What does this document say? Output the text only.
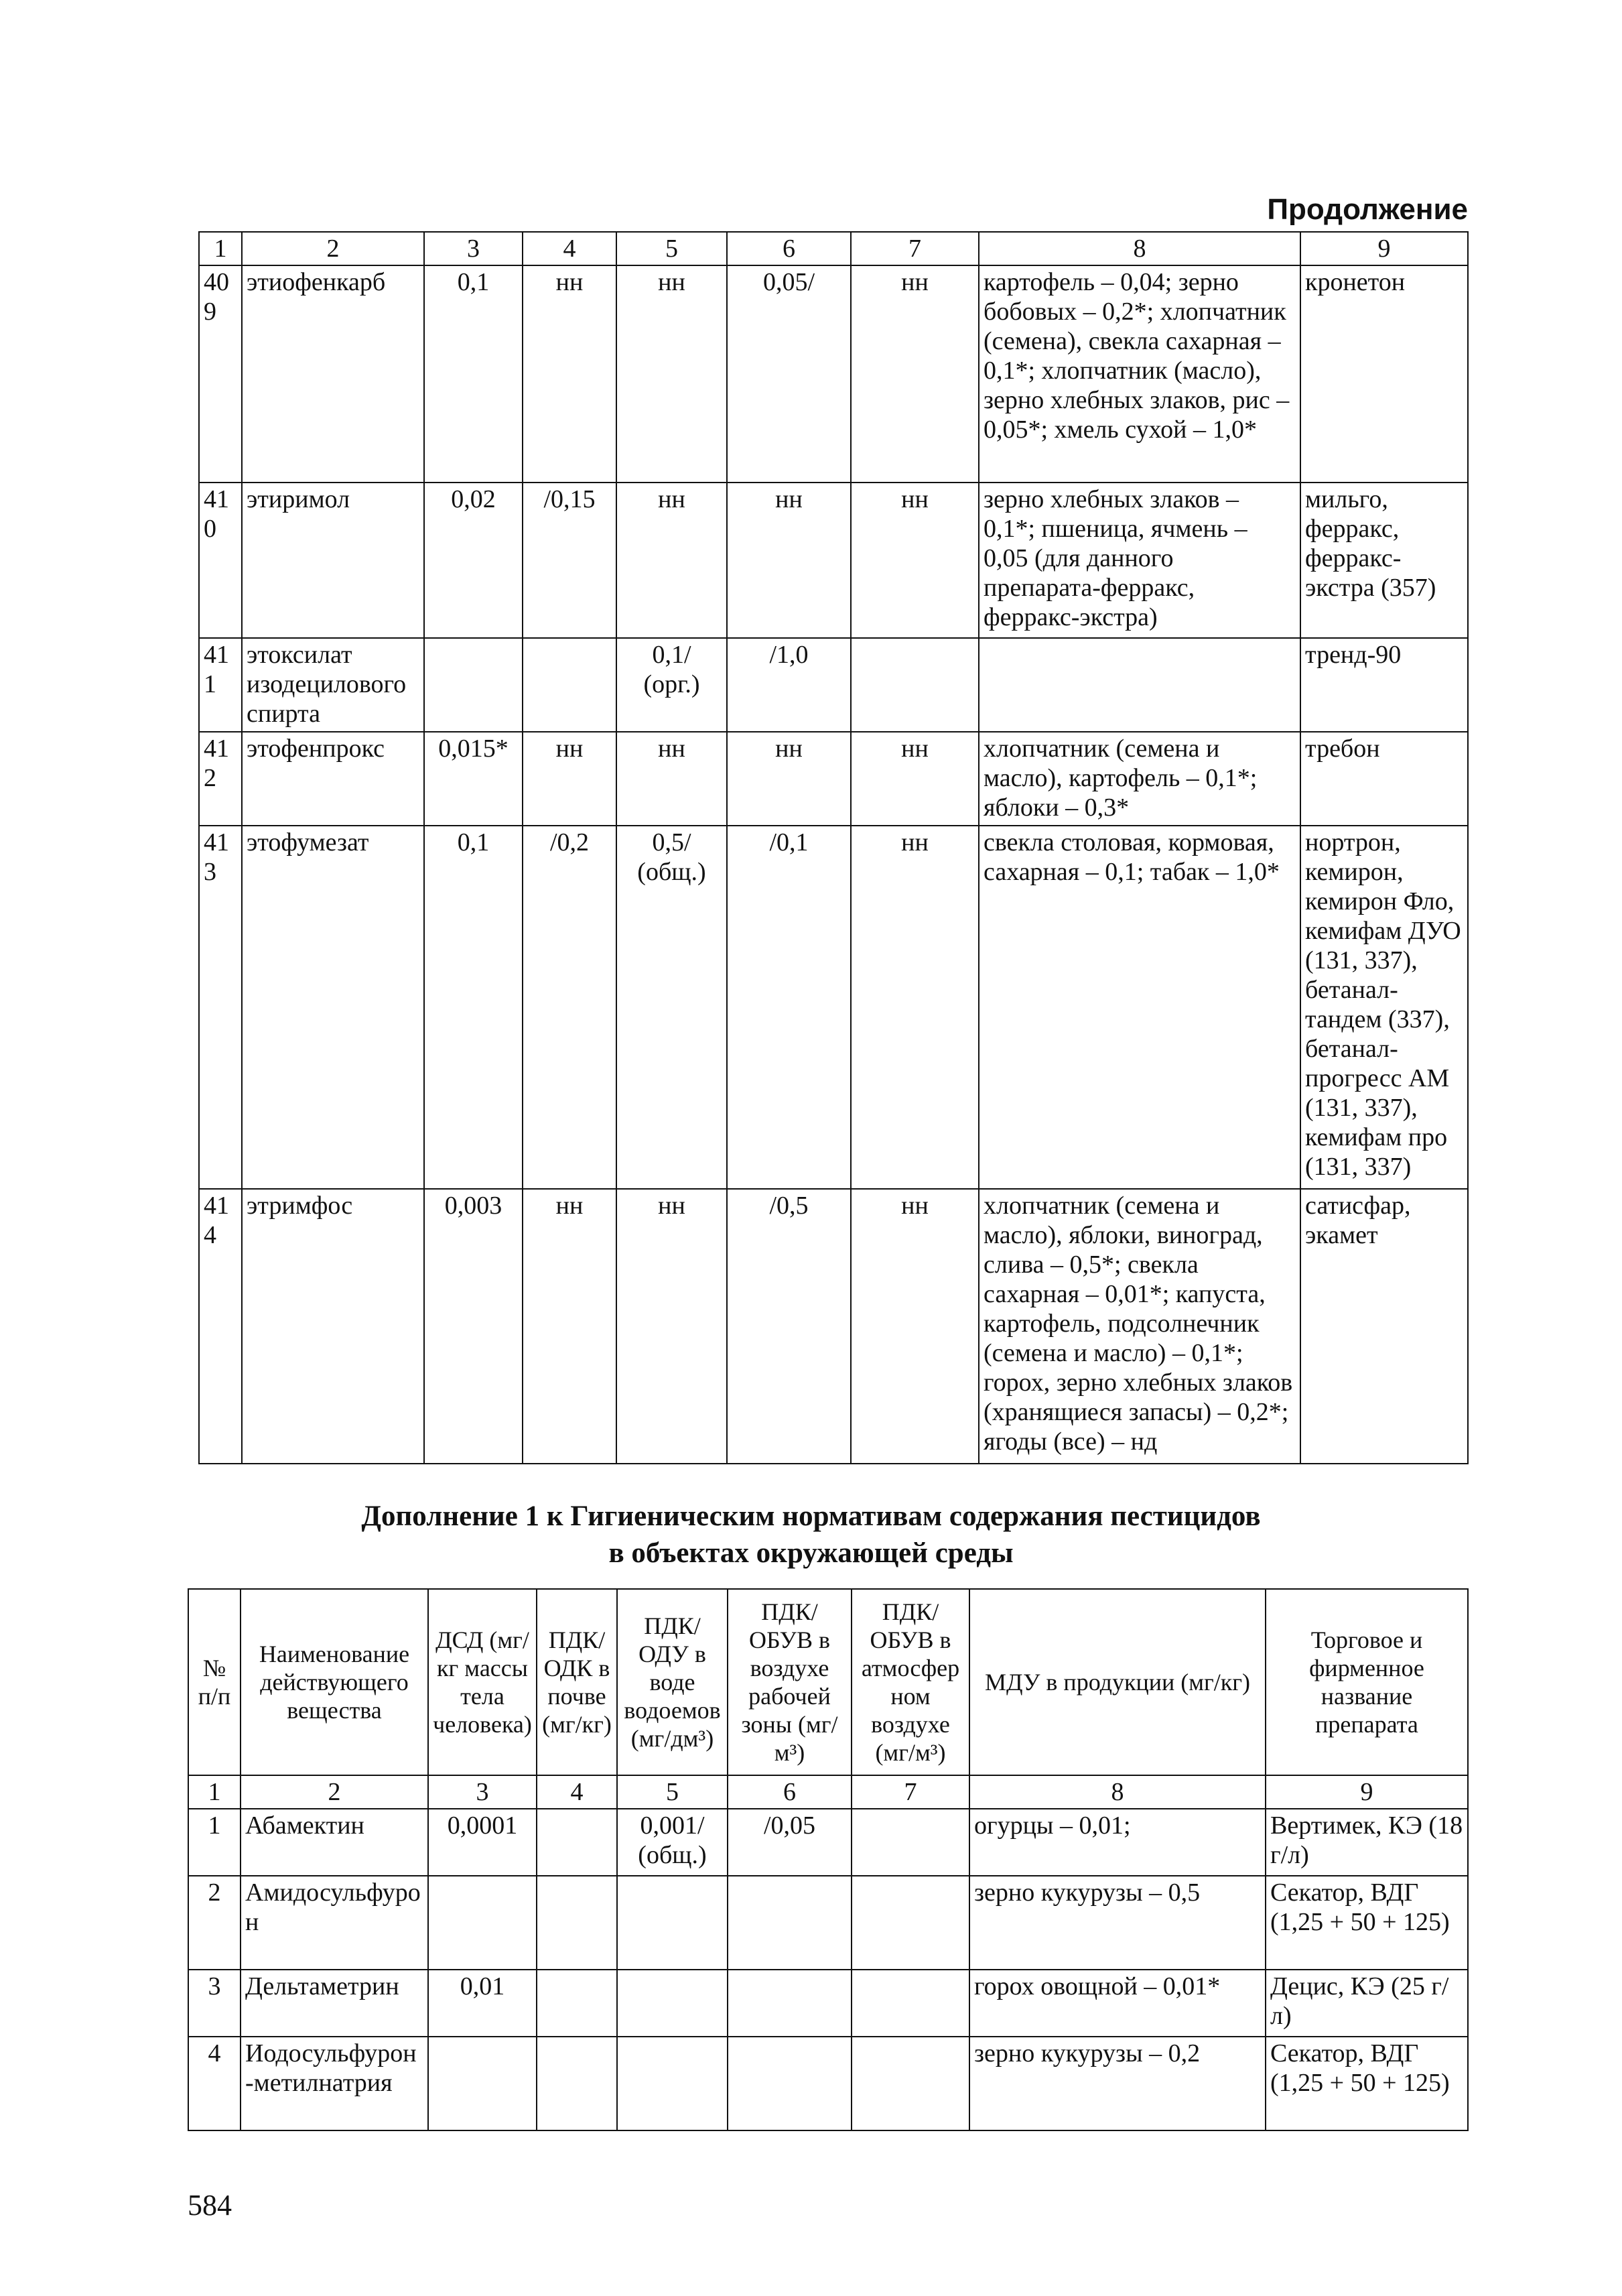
Продолжение
1	2	3	4	5	6	7	8	9
409	этиофенкарб	0,1	нн	нн	0,05/	нн	картофель – 0,04; зерно бобовых – 0,2*; хлопчатник (семена), свекла сахарная – 0,1*; хлопчатник (масло), зерно хлебных злаков, рис – 0,05*; хмель сухой – 1,0*	кронетон
410	этиримол	0,02	/0,15	нн	нн	нн	зерно хлебных злаков – 0,1*; пшеница, ячмень – 0,05 (для данного препарата-ферракс, ферракс-экстра)	мильго, ферракс, ферракс-экстра (357)
411	этоксилат изодецилового спирта			0,1/ (орг.)	/1,0			тренд-90
412	этофенпрокс	0,015*	нн	нн	нн	нн	хлопчатник (семена и масло), картофель – 0,1*; яблоки – 0,3*	требон
413	этофумезат	0,1	/0,2	0,5/ (общ.)	/0,1	нн	свекла столовая, кормовая, сахарная – 0,1; табак – 1,0*	нортрон, кемирон, кемирон Фло, кемифам ДУО (131, 337), бетанал-тандем (337), бетанал-прогресс АМ (131, 337), кемифам про (131, 337)
414	этримфос	0,003	нн	нн	/0,5	нн	хлопчатник (семена и масло), яблоки, виноград, слива – 0,5*; свекла сахарная – 0,01*; капуста, картофель, подсолнечник (семена и масло) – 0,1*; горох, зерно хлебных злаков (хранящиеся запасы) – 0,2*; ягоды (все) – нд	сатисфар, экамет
Дополнение 1 к Гигиеническим нормативам содержания пестицидов
в объектах окружающей среды
№ п/п	Наименование действующего вещества	ДСД (мг/кг массы тела человека)	ПДК/ ОДК в почве (мг/кг)	ПДК/ ОДУ в воде водоемов (мг/дм³)	ПДК/ ОБУВ в воздухе рабочей зоны (мг/м³)	ПДК/ ОБУВ в атмосферном воздухе (мг/м³)	МДУ в продукции (мг/кг)	Торговое и фирменное название препарата
1	2	3	4	5	6	7	8	9
1	Абамектин	0,0001		0,001/ (общ.)	/0,05		огурцы – 0,01;	Вертимек, КЭ (18 г/л)
2	Амидосульфурон						зерно кукурузы – 0,5	Секатор, ВДГ (1,25 + 50 + 125)
3	Дельтаметрин	0,01					горох овощной – 0,01*	Децис, КЭ (25 г/л)
4	Иодосульфурон-метилнатрия						зерно кукурузы – 0,2	Секатор, ВДГ (1,25 + 50 + 125)
584
